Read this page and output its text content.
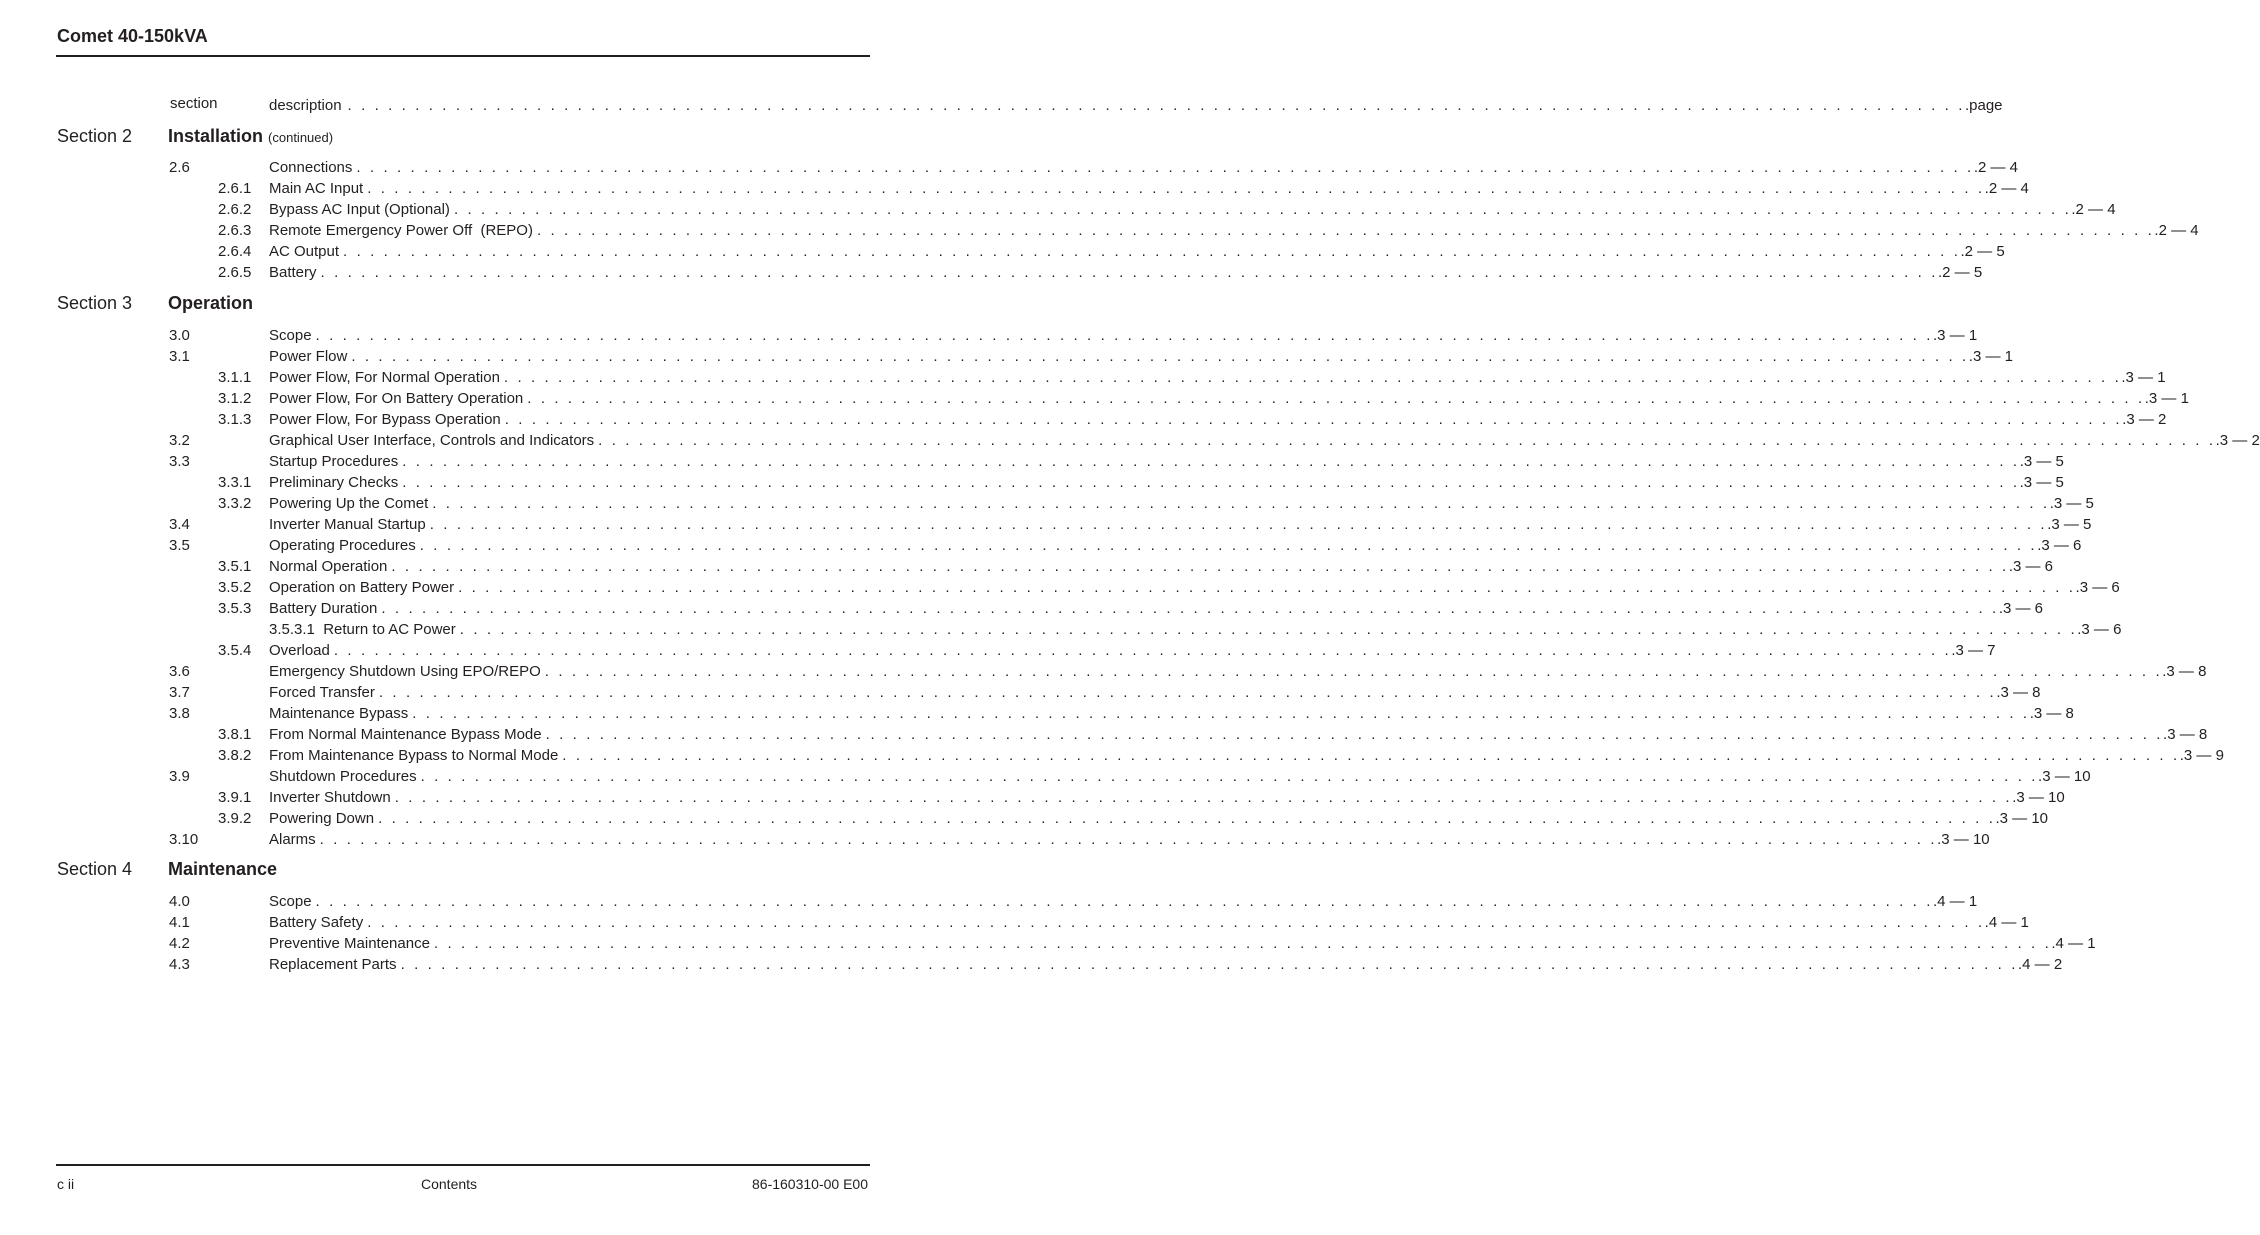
Comet 40-150kVA
section	description . . . . . . . . . . . . . . . . . . . . . . . . . . . . . . . . . . . . . . . . . . . . . . . . . . . . . . . . . . . . . . . . . . . . . . . . . . . . . . . . . . . . . . . . . . . . . . . . . . . . . . . . . . . . . . . . . . . . . . . . .page
Section 2 Installation (continued)
2.6	Connections . . . . . . . . . . . . . . . . . . . . . . . . . . . . . . . . . . . . . . . . . . . . . . . . . . . . . . . . . . . . . . . . . . . . . . . . . . . . . . . . . . . . . . . . . . . . . . . . . . . . . . . . . . . . . . . . . . . . . . . . .2 — 4
2.6.1 Main AC Input . . . . . . . . . . . . . . . . . . . . . . . . . . . . . . . . . . . . . . . . . . . . . . . . . . . . . . . . . . . . . . . . . . . . . . . . . . . . . . . . . . . . . . . . . . . . . . . . . . . . . . . . . . . . . . . . . . . . . . . . .2 — 4
2.6.2 Bypass AC Input (Optional) . . . . . . . . . . . . . . . . . . . . . . . . . . . . . . . . . . . . . . . . . . . . . . . . . . . . . . . . . . . . . . . . . . . . . . . . . . . . . . . . . . . . . . . . . . . . . . . . . . . . . . . . . . . . . . . . . . . . . . . . .2 — 4
2.6.3 Remote Emergency Power Off  (REPO) . . . . . . . . . . . . . . . . . . . . . . . . . . . . . . . . . . . . . . . . . . . . . . . . . . . . . . . . . . . . . . . . . . . . . . . . . . . . . . . . . . . . . . . . . . . . . . . . . . . . . . . . . . . . . . . . . . . . . . . . .2 — 4
2.6.4 AC Output . . . . . . . . . . . . . . . . . . . . . . . . . . . . . . . . . . . . . . . . . . . . . . . . . . . . . . . . . . . . . . . . . . . . . . . . . . . . . . . . . . . . . . . . . . . . . . . . . . . . . . . . . . . . . . . . . . . . . . . . .2 — 5
2.6.5 Battery . . . . . . . . . . . . . . . . . . . . . . . . . . . . . . . . . . . . . . . . . . . . . . . . . . . . . . . . . . . . . . . . . . . . . . . . . . . . . . . . . . . . . . . . . . . . . . . . . . . . . . . . . . . . . . . . . . . . . . . . .2 — 5
Section 3 Operation
3.0	Scope . . . . . . . . . . . . . . . . . . . . . . . . . . . . . . . . . . . . . . . . . . . . . . . . . . . . . . . . . . . . . . . . . . . . . . . . . . . . . . . . . . . . . . . . . . . . . . . . . . . . . . . . . . . . . . . . . . . . . . . . .3 — 1
3.1	Power Flow . . . . . . . . . . . . . . . . . . . . . . . . . . . . . . . . . . . . . . . . . . . . . . . . . . . . . . . . . . . . . . . . . . . . . . . . . . . . . . . . . . . . . . . . . . . . . . . . . . . . . . . . . . . . . . . . . . . . . . . . .3 — 1
3.1.1 Power Flow, For Normal Operation . . . . . . . . . . . . . . . . . . . . . . . . . . . . . . . . . . . . . . . . . . . . . . . . . . . . . . . . . . . . . . . . . . . . . . . . . . . . . . . . . . . . . . . . . . . . . . . . . . . . . . . . . . . . . . . . . . . . . . . . .3 — 1
3.1.2 Power Flow, For On Battery Operation . . . . . . . . . . . . . . . . . . . . . . . . . . . . . . . . . . . . . . . . . . . . . . . . . . . . . . . . . . . . . . . . . . . . . . . . . . . . . . . . . . . . . . . . . . . . . . . . . . . . . . . . . . . . . . . . . . . . . . . . .3 — 1
3.1.3 Power Flow, For Bypass Operation . . . . . . . . . . . . . . . . . . . . . . . . . . . . . . . . . . . . . . . . . . . . . . . . . . . . . . . . . . . . . . . . . . . . . . . . . . . . . . . . . . . . . . . . . . . . . . . . . . . . . . . . . . . . . . . . . . . . . . . . .3 — 2
3.2	Graphical User Interface, Controls and Indicators . . . . . . . . . . . . . . . . . . . . . . . . . . . . . . . . . . . . . . . . . . . . . . . . . . . . . . . . . . . . . . . . . . . . . . . . . . . . . . . . . . . . . . . . . . . . . . . . . . . . . . . . . . . . . . . . . . . . . . . . .3 — 2
3.3	Startup Procedures . . . . . . . . . . . . . . . . . . . . . . . . . . . . . . . . . . . . . . . . . . . . . . . . . . . . . . . . . . . . . . . . . . . . . . . . . . . . . . . . . . . . . . . . . . . . . . . . . . . . . . . . . . . . . . . . . . . . . . . . .3 — 5
3.3.1 Preliminary Checks . . . . . . . . . . . . . . . . . . . . . . . . . . . . . . . . . . . . . . . . . . . . . . . . . . . . . . . . . . . . . . . . . . . . . . . . . . . . . . . . . . . . . . . . . . . . . . . . . . . . . . . . . . . . . . . . . . . . . . . . .3 — 5
3.3.2 Powering Up the Comet . . . . . . . . . . . . . . . . . . . . . . . . . . . . . . . . . . . . . . . . . . . . . . . . . . . . . . . . . . . . . . . . . . . . . . . . . . . . . . . . . . . . . . . . . . . . . . . . . . . . . . . . . . . . . . . . . . . . . . . . .3 — 5
3.4	Inverter Manual Startup . . . . . . . . . . . . . . . . . . . . . . . . . . . . . . . . . . . . . . . . . . . . . . . . . . . . . . . . . . . . . . . . . . . . . . . . . . . . . . . . . . . . . . . . . . . . . . . . . . . . . . . . . . . . . . . . . . . . . . . . .3 — 5
3.5	Operating Procedures . . . . . . . . . . . . . . . . . . . . . . . . . . . . . . . . . . . . . . . . . . . . . . . . . . . . . . . . . . . . . . . . . . . . . . . . . . . . . . . . . . . . . . . . . . . . . . . . . . . . . . . . . . . . . . . . . . . . . . . . .3 — 6
3.5.1 Normal Operation . . . . . . . . . . . . . . . . . . . . . . . . . . . . . . . . . . . . . . . . . . . . . . . . . . . . . . . . . . . . . . . . . . . . . . . . . . . . . . . . . . . . . . . . . . . . . . . . . . . . . . . . . . . . . . . . . . . . . . . . .3 — 6
3.5.2 Operation on Battery Power . . . . . . . . . . . . . . . . . . . . . . . . . . . . . . . . . . . . . . . . . . . . . . . . . . . . . . . . . . . . . . . . . . . . . . . . . . . . . . . . . . . . . . . . . . . . . . . . . . . . . . . . . . . . . . . . . . . . . . . . .3 — 6
3.5.3 Battery Duration . . . . . . . . . . . . . . . . . . . . . . . . . . . . . . . . . . . . . . . . . . . . . . . . . . . . . . . . . . . . . . . . . . . . . . . . . . . . . . . . . . . . . . . . . . . . . . . . . . . . . . . . . . . . . . . . . . . . . . . . .3 — 6
3.5.3.1  Return to AC Power . . . . . . . . . . . . . . . . . . . . . . . . . . . . . . . . . . . . . . . . . . . . . . . . . . . . . . . . . . . . . . . . . . . . . . . . . . . . . . . . . . . . . . . . . . . . . . . . . . . . . . . . . . . . . . . . . . . . . . . . .3 — 6
3.5.4 Overload . . . . . . . . . . . . . . . . . . . . . . . . . . . . . . . . . . . . . . . . . . . . . . . . . . . . . . . . . . . . . . . . . . . . . . . . . . . . . . . . . . . . . . . . . . . . . . . . . . . . . . . . . . . . . . . . . . . . . . . . .3 — 7
3.6	Emergency Shutdown Using EPO/REPO . . . . . . . . . . . . . . . . . . . . . . . . . . . . . . . . . . . . . . . . . . . . . . . . . . . . . . . . . . . . . . . . . . . . . . . . . . . . . . . . . . . . . . . . . . . . . . . . . . . . . . . . . . . . . . . . . . . . . . . . .3 — 8
3.7	Forced Transfer . . . . . . . . . . . . . . . . . . . . . . . . . . . . . . . . . . . . . . . . . . . . . . . . . . . . . . . . . . . . . . . . . . . . . . . . . . . . . . . . . . . . . . . . . . . . . . . . . . . . . . . . . . . . . . . . . . . . . . . . .3 — 8
3.8	Maintenance Bypass . . . . . . . . . . . . . . . . . . . . . . . . . . . . . . . . . . . . . . . . . . . . . . . . . . . . . . . . . . . . . . . . . . . . . . . . . . . . . . . . . . . . . . . . . . . . . . . . . . . . . . . . . . . . . . . . . . . . . . . . .3 — 8
3.8.1 From Normal Maintenance Bypass Mode . . . . . . . . . . . . . . . . . . . . . . . . . . . . . . . . . . . . . . . . . . . . . . . . . . . . . . . . . . . . . . . . . . . . . . . . . . . . . . . . . . . . . . . . . . . . . . . . . . . . . . . . . . . . . . . . . . . . . . . . .3 — 8
3.8.2 From Maintenance Bypass to Normal Mode . . . . . . . . . . . . . . . . . . . . . . . . . . . . . . . . . . . . . . . . . . . . . . . . . . . . . . . . . . . . . . . . . . . . . . . . . . . . . . . . . . . . . . . . . . . . . . . . . . . . . . . . . . . . . . . . . . . . . . . . .3 — 9
3.9	Shutdown Procedures . . . . . . . . . . . . . . . . . . . . . . . . . . . . . . . . . . . . . . . . . . . . . . . . . . . . . . . . . . . . . . . . . . . . . . . . . . . . . . . . . . . . . . . . . . . . . . . . . . . . . . . . . . . . . . . . . . . . . . . . .3 — 10
3.9.1 Inverter Shutdown . . . . . . . . . . . . . . . . . . . . . . . . . . . . . . . . . . . . . . . . . . . . . . . . . . . . . . . . . . . . . . . . . . . . . . . . . . . . . . . . . . . . . . . . . . . . . . . . . . . . . . . . . . . . . . . . . . . . . . . . .3 — 10
3.9.2 Powering Down . . . . . . . . . . . . . . . . . . . . . . . . . . . . . . . . . . . . . . . . . . . . . . . . . . . . . . . . . . . . . . . . . . . . . . . . . . . . . . . . . . . . . . . . . . . . . . . . . . . . . . . . . . . . . . . . . . . . . . . . .3 — 10
3.10	Alarms . . . . . . . . . . . . . . . . . . . . . . . . . . . . . . . . . . . . . . . . . . . . . . . . . . . . . . . . . . . . . . . . . . . . . . . . . . . . . . . . . . . . . . . . . . . . . . . . . . . . . . . . . . . . . . . . . . . . . . . . .3 — 10
Section 4 Maintenance
4.0	Scope . . . . . . . . . . . . . . . . . . . . . . . . . . . . . . . . . . . . . . . . . . . . . . . . . . . . . . . . . . . . . . . . . . . . . . . . . . . . . . . . . . . . . . . . . . . . . . . . . . . . . . . . . . . . . . . . . . . . . . . . .4 — 1
4.1	Battery Safety . . . . . . . . . . . . . . . . . . . . . . . . . . . . . . . . . . . . . . . . . . . . . . . . . . . . . . . . . . . . . . . . . . . . . . . . . . . . . . . . . . . . . . . . . . . . . . . . . . . . . . . . . . . . . . . . . . . . . . . . .4 — 1
4.2	Preventive Maintenance . . . . . . . . . . . . . . . . . . . . . . . . . . . . . . . . . . . . . . . . . . . . . . . . . . . . . . . . . . . . . . . . . . . . . . . . . . . . . . . . . . . . . . . . . . . . . . . . . . . . . . . . . . . . . . . . . . . . . . . . .4 — 1
4.3	Replacement Parts . . . . . . . . . . . . . . . . . . . . . . . . . . . . . . . . . . . . . . . . . . . . . . . . . . . . . . . . . . . . . . . . . . . . . . . . . . . . . . . . . . . . . . . . . . . . . . . . . . . . . . . . . . . . . . . . . . . . . . . . .4 — 2
c ii	Contents	86-160310-00 E00
